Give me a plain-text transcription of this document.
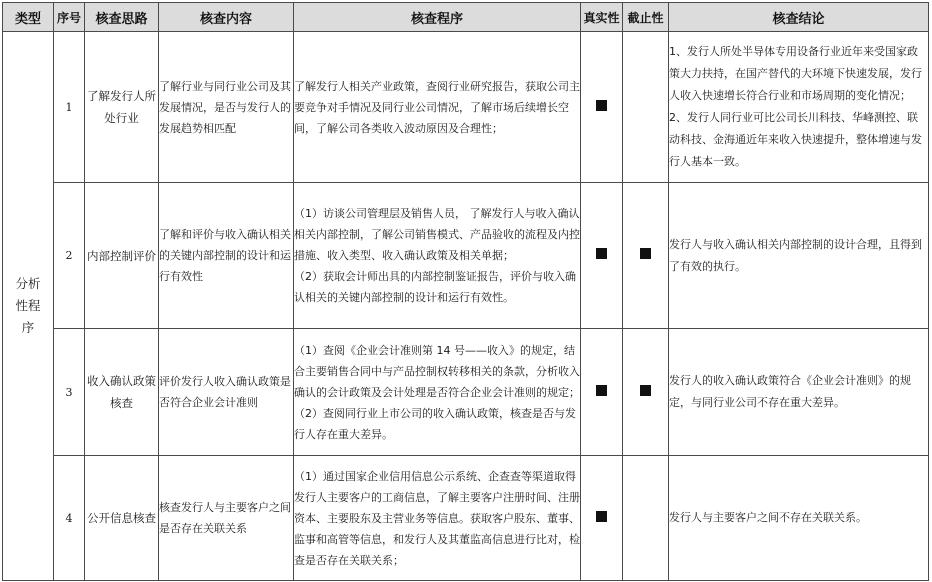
类型	序号	核查思路	核查内容	核查程序	真实性	截止性	核查结论

分析性程序	1	了解发行人所处行业	了解行业与同行业公司及其发展情况，是否与发行人的发展趋势相匹配	了解发行人相关产业政策，查阅行业研究报告，获取公司主要竞争对手情况及同行业公司情况，了解市场后续增长空间，了解公司各类收入波动原因及合理性；			1、发行人所处半导体专用设备行业近年来受国家政策大力扶持，在国产替代的大环境下快速发展，发行人收入快速增长符合行业和市场周期的变化情况；
2、发行人同行业可比公司长川科技、华峰测控、联动科技、金海通近年来收入快速提升，整体增速与发行人基本一致。

	2	内部控制评价	了解和评价与收入确认相关的关键内部控制的设计和运行有效性	（1）访谈公司管理层及销售人员， 了解发行人与收入确认相关内部控制，了解公司销售模式、产品验收的流程及内控措施、收入类型、收入确认政策及相关单据；

（2）获取会计师出具的内部控制鉴证报告，评价与收入确认相关的关键内部控制的设计和运行有效性。			发行人与收入确认相关内部控制的设计合理，且得到了有效的执行。

	3	收入确认政策核查	评价发行人收入确认政策是否符合企业会计准则	（1）查阅《企业会计准则第 14 号——收入》的规定，结合主要销售合同中与产品控制权转移相关的条款，分析收入确认的会计政策及会计处理是否符合企业会计准则的规定；

（2）查阅同行业上市公司的收入确认政策，核查是否与发行人存在重大差异。			发行人的收入确认政策符合《企业会计准则》的规定，与同行业公司不存在重大差异。

	4	公开信息核查	核查发行人与主要客户之间是否存在关联关系	（1）通过国家企业信用信息公示系统、企查查等渠道取得发行人主要客户的工商信息，了解主要客户注册时间、注册资本、主要股东及主营业务等信息。获取客户股东、董事、监事和高管等信息，和发行人及其董监高信息进行比对，检查是否存在关联关系；			发行人与主要客户之间不存在关联关系。
